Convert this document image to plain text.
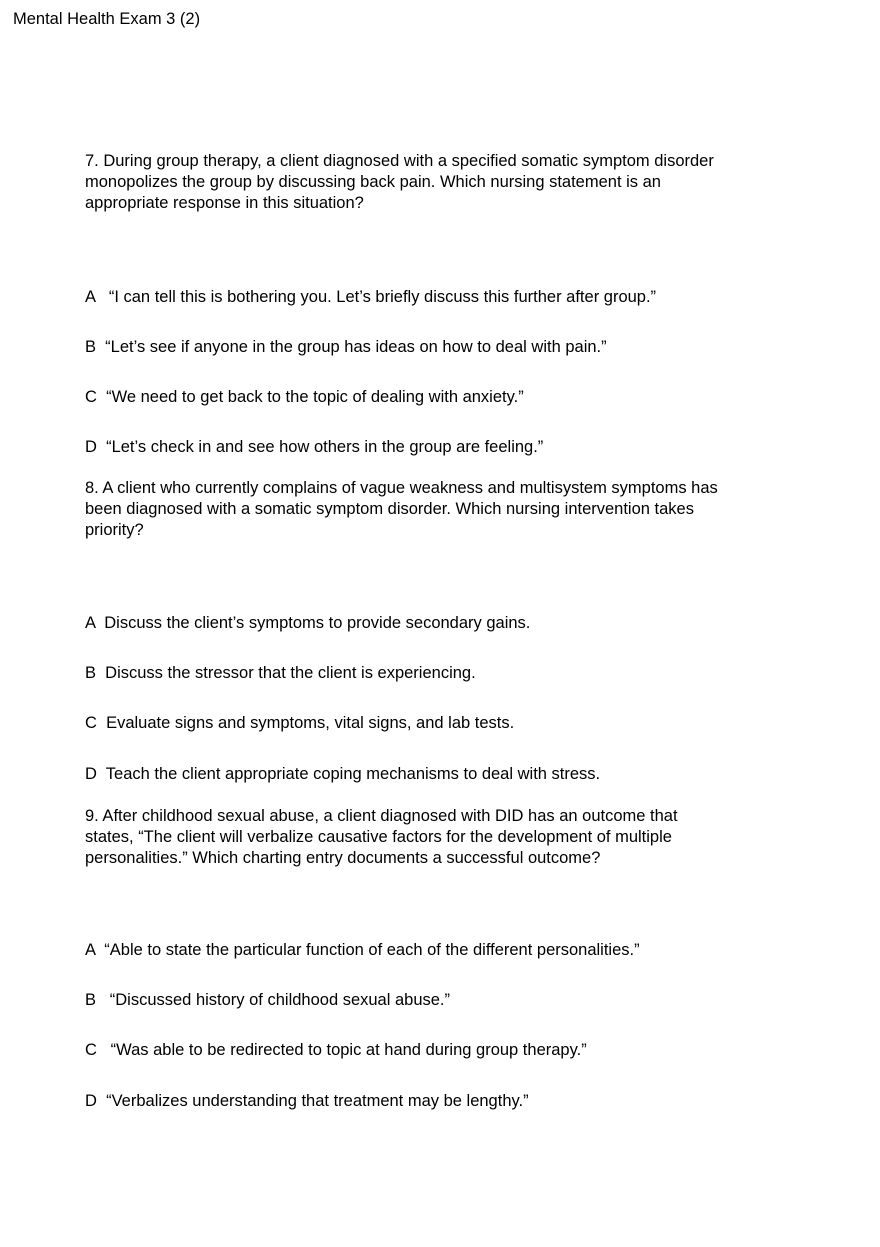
Mental Health Exam 3 (2)
7. During group therapy, a client diagnosed with a specified somatic symptom disorder
monopolizes the group by discussing back pain. Which nursing statement is an
appropriate response in this situation?
A   “I can tell this is bothering you. Let’s briefly discuss this further after group.”
B  “Let’s see if anyone in the group has ideas on how to deal with pain.”
C  “We need to get back to the topic of dealing with anxiety.”
D  “Let’s check in and see how others in the group are feeling.”
8. A client who currently complains of vague weakness and multisystem symptoms has
been diagnosed with a somatic symptom disorder. Which nursing intervention takes
priority?
A  Discuss the client’s symptoms to provide secondary gains.
B  Discuss the stressor that the client is experiencing.
C  Evaluate signs and symptoms, vital signs, and lab tests.
D  Teach the client appropriate coping mechanisms to deal with stress.
9. After childhood sexual abuse, a client diagnosed with DID has an outcome that
states, “The client will verbalize causative factors for the development of multiple
personalities.” Which charting entry documents a successful outcome?
A  “Able to state the particular function of each of the different personalities.”
B   “Discussed history of childhood sexual abuse.”
C   “Was able to be redirected to topic at hand during group therapy.”
D  “Verbalizes understanding that treatment may be lengthy.”
